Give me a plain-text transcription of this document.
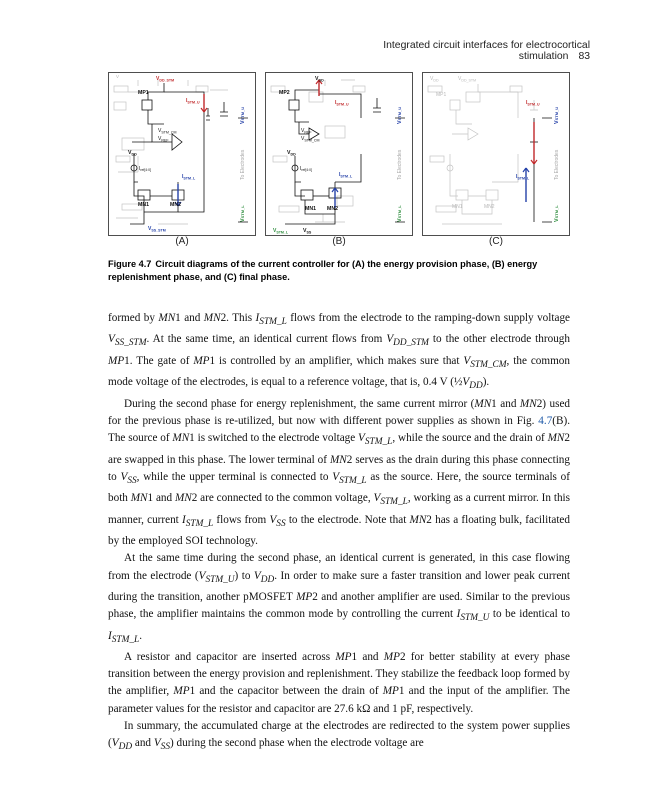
Integrated circuit interfaces for electrocortical stimulation 83
V	$V_{DD\_STM}$
MP1
$I_{STM\_U}$
$V_{STM\_CM}$
$V_{REF}$
$V_{DD}$
$I_{ref[4:0]}$
$I_{STM\_L}$
MN1	MN2
$V_{SS\_STM}$
VSTM_U
To Electrodes
VSTM_L
(A)
$V_{DD}$
MP2
$I_{STM\_U}$
$V_{REF}$
$V_{STM\_CM}$
$V_{DD}$
$I_{ref[4:0]}$
$I_{STM\_L}$
MN1 MN2
$V_{STM\_L}$	$V_{SS}$
VSTM_U
To Electrodes
VSTM_L
(B)
$V_{DD}$	$V_{DD\_STM}$
MP1
MN1	MN2
$I_{STM\_U}$
$I_{STM\_L}$
VSTM_U
To Electrodes
VSTM_L
(C)
Figure 4.7 Circuit diagrams of the current controller for (A) the energy provision phase, (B) energy replenishment phase, and (C) final phase.

formed by MN1 and MN2. This $I_{STM\_L}$ flows from the electrode to the ramping-down supply voltage $V_{SS\_STM}$. At the same time, an identical current flows from $V_{DD\_STM}$ to the other electrode through MP1. The gate of MP1 is controlled by an amplifier, which makes sure that $V_{STM\_CM}$, the common mode voltage of the electrodes, is equal to a reference voltage, that is, 0.4 V $(\frac{1}{2}V_{DD})$.

During the second phase for energy replenishment, the same current mirror (MN1 and MN2) used for the previous phase is re-utilized, but now with different power supplies as shown in Fig. 4.7(B). The source of MN1 is switched to the electrode voltage $V_{STM\_L}$, while the source and the drain of MN2 are swapped in this phase. The lower terminal of MN2 serves as the drain during this phase connecting to $V_{SS}$, while the upper terminal is connected to $V_{STM\_L}$ as the source. Here, the source terminals of both MN1 and MN2 are connected to the common voltage, $V_{STM\_L}$, working as a current mirror. In this manner, current $I_{STM\_L}$ flows from $V_{SS}$ to the electrode. Note that MN2 has a floating bulk, facilitated by the employed SOI technology.

At the same time during the second phase, an identical current is generated, in this case flowing from the electrode $(V_{STM\_U})$ to $V_{DD}$. In order to make sure a faster transition and lower peak current during the transition, another pMOSFET MP2 and another amplifier are used. Similar to the previous phase, the amplifier maintains the common mode by controlling the current $I_{STM\_U}$ to be identical to $I_{STM\_L}$.

A resistor and capacitor are inserted across MP1 and MP2 for better stability at every phase transition between the energy provision and replenishment. They stabilize the feedback loop formed by the amplifier, MP1 and the capacitor between the drain of MP1 and the input of the amplifier. The parameter values for the resistor and capacitor are 27.6 kΩ and 1 pF, respectively.

In summary, the accumulated charge at the electrodes are redirected to the system power supplies ($V_{DD}$ and $V_{SS}$) during the second phase when the electrode voltage are
